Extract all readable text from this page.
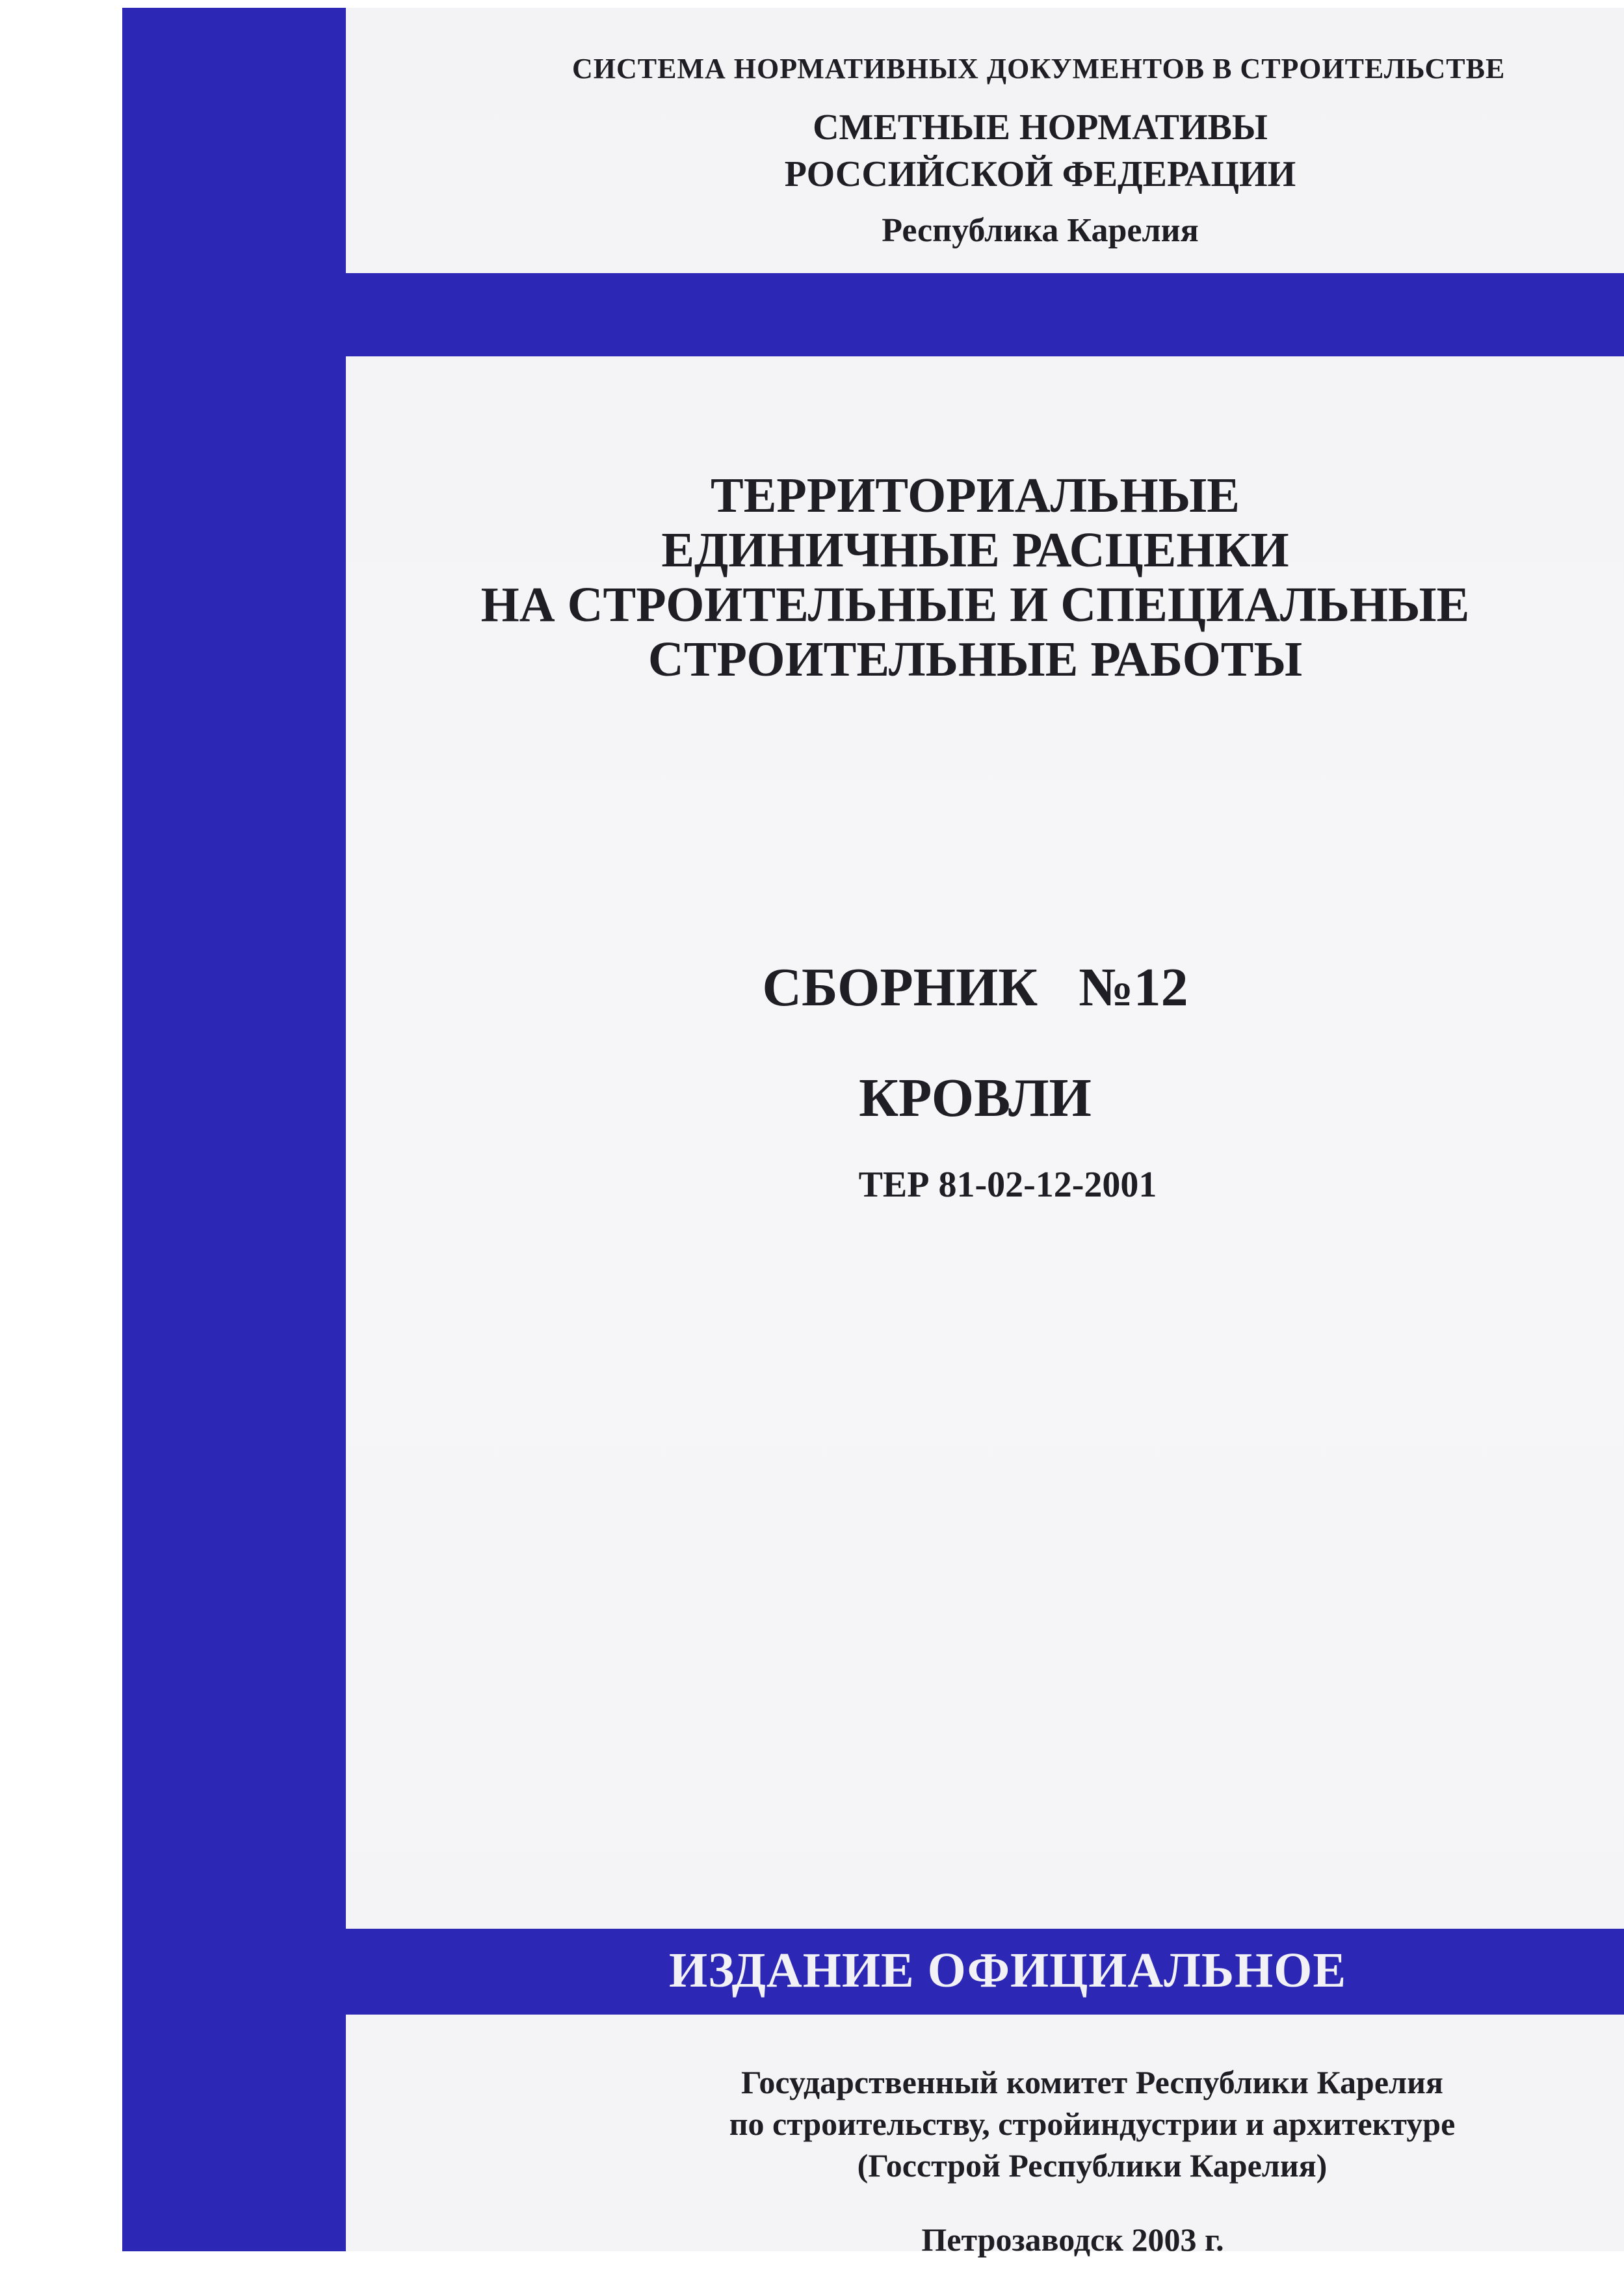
СИСТЕМА НОРМАТИВНЫХ ДОКУМЕНТОВ В СТРОИТЕЛЬСТВЕ
СМЕТНЫЕ НОРМАТИВЫ
РОССИЙСКОЙ ФЕДЕРАЦИИ
Республика Карелия
ТЕРРИТОРИАЛЬНЫЕ
ЕДИНИЧНЫЕ РАСЦЕНКИ
НА СТРОИТЕЛЬНЫЕ И СПЕЦИАЛЬНЫЕ
СТРОИТЕЛЬНЫЕ РАБОТЫ
СБОРНИК   №12
КРОВЛИ
ТЕР 81-02-12-2001
ИЗДАНИЕ ОФИЦИАЛЬНОЕ
Государственный комитет Республики Карелия
по строительству, стройиндустрии и архитектуре
(Госстрой Республики Карелия)
Петрозаводск 2003 г.
